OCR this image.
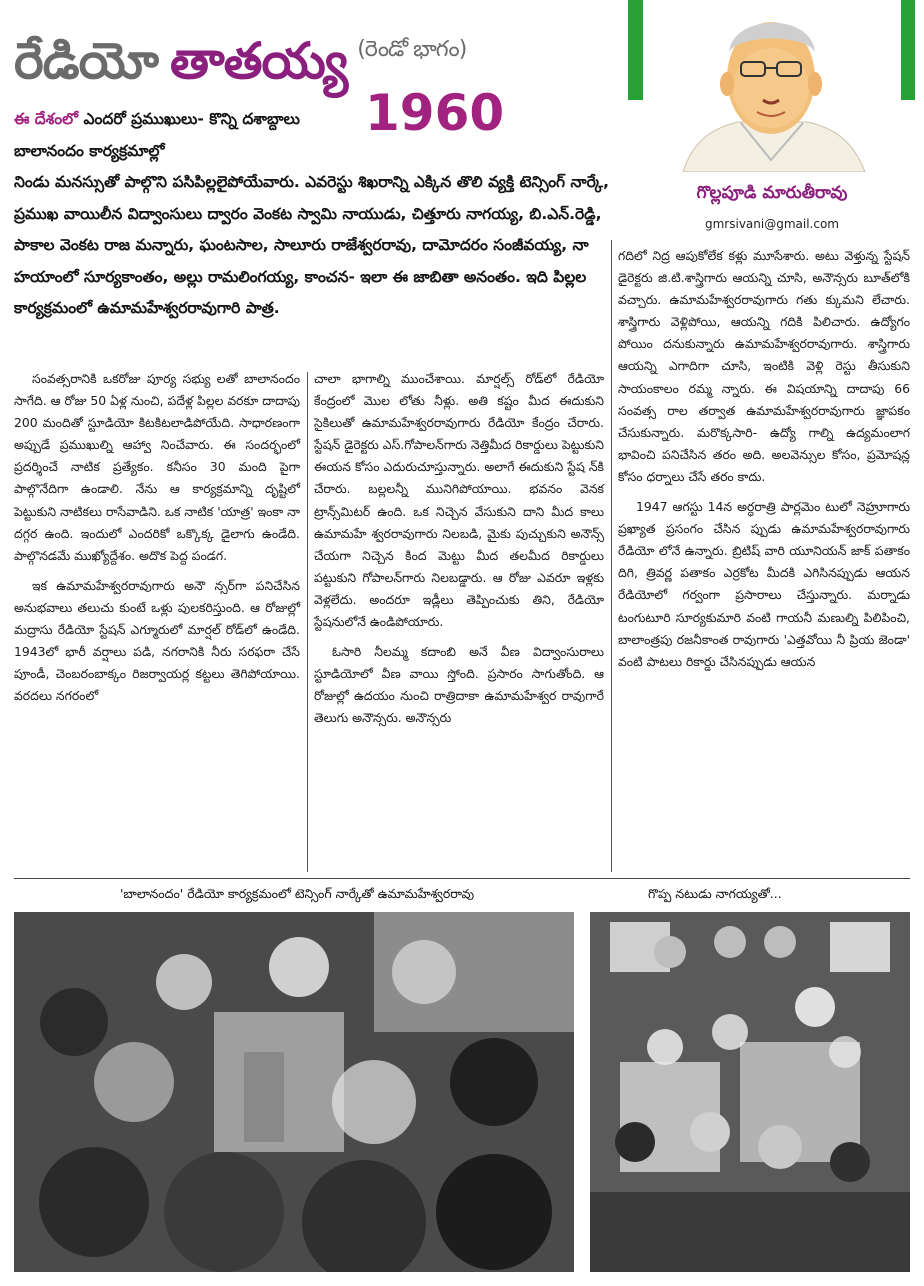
రేడియో తాతయ్య $^{(రెండో భాగం)}$
1960
ఈ దేశంలో ఎందరో ప్రముఖులు- కొన్ని దశాబ్దాలు బాలానందం కార్యక్రమాల్లో
నిండు మనస్సుతో పాల్గొని పసిపిల్లలైపోయేవారు. ఎవరెస్టు శిఖరాన్ని ఎక్కిన తొలి వ్యక్తి టెన్సింగ్ నార్కే, ప్రముఖ వాయిలీన విద్వాంసులు ద్వారం వెంకట స్వామి నాయుడు, చిత్తూరు నాగయ్య, బి.ఎన్.రెడ్డి, పాకాల వెంకట రాజ మన్నారు, ఘంటసాల, సాలూరు రాజేశ్వరరావు, దామోదరం సంజీవయ్య, నా హయాంలో సూర్యకాంతం, అల్లు రామలింగయ్య, కాంచన- ఇలా ఈ జాబితా అనంతం. ఇది పిల్లల కార్యక్రమంలో ఉమామహేశ్వరరావుగారి పాత్ర.
గొల్లపూడి మారుతీరావు
gmrsivani@gmail.com

గదిలో నిద్ర ఆపుకోలేక కళ్లు మూసేశారు. అటు వెళ్తున్న స్టేషన్ డైరెక్టరు జి.టి.శాస్త్రిగారు ఆయన్ని చూసి, అనౌన్సరు బూత్‌లోకి వచ్చారు. ఉమామహేశ్వరరావుగారు గతు క్కుమని లేచారు. శాస్త్రిగారు వెళ్లిపోయి, ఆయన్ని గదికి పిలిచారు. ఉద్యోగం పోయిం దనుకున్నారు ఉమామహేశ్వరరావుగారు. శాస్త్రిగారు ఆయన్ని ఎగాదిగా చూసి, ఇంటికి వెళ్లి రెస్టు తీసుకుని సాయంకాలం రమ్మ న్నారు. ఈ విషయాన్ని దాదాపు 66 సంవత్స రాల తర్వాత ఉమామహేశ్వరరావుగారు జ్ఞాపకం చేసుకున్నారు. మరొక్కసారి- ఉద్యో గాల్ని ఉద్యమంలాగ భావించి పనిచేసిన తరం అది. అలవెన్సుల కోసం, ప్రమోషన్ల కోసం ధర్నాలు చేసే తరం కాదు.

1947 ఆగస్టు 14న అర్ధరాత్రి పార్లమెం టులో నెహ్రూగారు ప్రఖ్యాత ప్రసంగం చేసిన ప్పుడు ఉమామహేశ్వరరావుగారు రేడియో లోనే ఉన్నారు. బ్రిటిష్ వారి యూనియన్ జాక్ పతాకం దిగి, త్రివర్ణ పతాకం ఎర్రకోట మీదకి ఎగిసినప్పుడు ఆయన రేడియోలో గర్వంగా ప్రసారాలు చేస్తున్నారు. మర్నాడు టంగుటూరి సూర్యకుమారి వంటి గాయనీ మణుల్ని పిలిపించి, బాలాంత్రపు రజనీకాంత రావుగారు 'ఎత్తవోయి నీ ప్రియ జెండా' వంటి పాటలు రికార్డు చేసినప్పుడు ఆయన

సంవత్సరానికి ఒకరోజు పూర్య సభ్యు లతో బాలానందం సాగేది. ఆ రోజు 50 ఏళ్ల నుంచి, పదేళ్ల పిల్లల వరకూ దాదాపు 200 మందితో స్టూడియో కిటకిటలాడిపోయేది. సాధారణంగా అప్పుడే ప్రముఖుల్ని ఆహ్వా నించేవారు. ఈ సందర్భంలో ప్రదర్శించే నాటిక ప్రత్యేకం. కనీసం 30 మంది పైగా పాల్గొనేదిగా ఉండాలి. నేను ఆ కార్యక్రమాన్ని దృష్టిలో పెట్టుకుని నాటికలు రాసేవాడిని. ఒక నాటిక 'యాత్ర' ఇంకా నా దగ్గర ఉంది. ఇందులో ఎందరికో ఒక్కొక్క డైలాగు ఉండేది. పాల్గొనడమే ముఖ్యోద్దేశం. అదొక పెద్ద పండగ.

ఇక ఉమామహేశ్వరరావుగారు అనౌ న్సర్‌గా పనిచేసిన అనుభవాలు తలుచు కుంటే ఒళ్లు పులకరిస్తుంది. ఆ రోజుల్లో మద్రాసు రేడియో స్టేషన్ ఎగ్మూరులో మార్షల్ రోడ్‌లో ఉండేది. 1943లో భారీ వర్షాలు పడి, నగరానికి నీరు సరఫరా చేసే పూండీ, చెంబరంబాక్కం రిజర్వాయర్ల కట్టలు తెగిపోయాయి. వరదలు నగరంలో

చాలా భాగాల్ని ముంచేశాయి. మార్షల్స్ రోడ్‌లో రేడియో కేంద్రంలో మొల లోతు నీళ్లు. అతి కష్టం మీద ఈదుకుని సైకిలుతో ఉమామహేశ్వరరావుగారు రేడియో కేంద్రం చేరారు. స్టేషన్ డైరెక్టరు ఎస్.గోపాలన్‌గారు నెత్తిమీద రికార్డులు పెట్టుకుని ఈయన కోసం ఎదురుచూస్తున్నారు. అలాగే ఈదుకుని స్టేష న్‌కి చేరారు. బల్లలన్నీ మునిగిపోయాయి. భవనం వెనక ట్రాన్స్‌మిటర్ ఉంది. ఒక నిచ్చెన వేసుకుని దాని మీద కాలు ఉమామహే శ్వరరావుగారు నిలబడి, మైకు పుచ్చుకుని అనౌన్స్ చేయగా నిచ్చెన కింద మెట్టు మీద తలమీద రికార్డులు పట్టుకుని గోపాలన్‌గారు నిలబడ్డారు. ఆ రోజు ఎవరూ ఇళ్లకు వెళ్లలేదు. అందరూ ఇడ్లీలు తెప్పించుకు తిని, రేడియో స్టేషనులోనే ఉండిపోయారు.

ఓసారి నీలమ్మ కదాంబి అనే వీణ విద్వాంసురాలు స్టూడియోలో వీణ వాయి స్తోంది. ప్రసారం సాగుతోంది. ఆ రోజుల్లో ఉదయం నుంచి రాత్రిదాకా ఉమామహేశ్వర రావుగారే తెలుగు అనౌన్సరు. అనౌన్సరు

'బాలానందం' రేడియో కార్యక్రమంలో టెన్సింగ్ నార్కేతో ఉమామహేశ్వరరావు	గొప్ప నటుడు నాగయ్యతో...
